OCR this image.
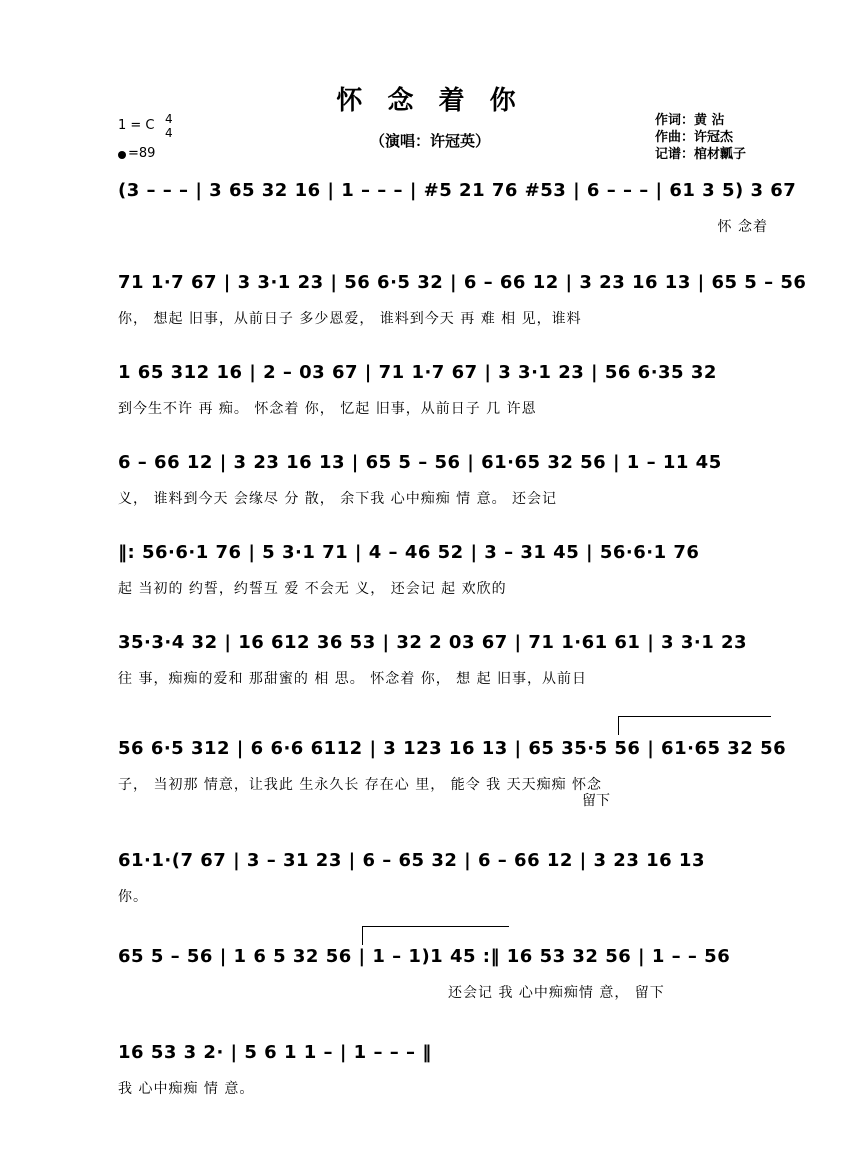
怀 念 着 你
（演唱：许冠英）
1 = C 4
4
=89
作词：黄 沾
作曲：许冠杰
记谱：棺材瓤子
(3 – – – | 3 65 32 16 | 1 – – – | #5 21 76 #53 | 6 – – – | 61 3 5) 3 67
怀 念着
71 1·7 67 | 3 3·1 23 | 56 6·5 32 | 6 – 66 12 | 3 23 16 13 | 65 5 – 56
你， 想起 旧事，从前日子 多少恩爱， 谁料到今天 再 难 相 见，谁料
1 65 312 16 | 2 – 03 67 | 71 1·7 67 | 3 3·1 23 | 56 6·35 32
到今生不许 再 痴。 怀念着 你， 忆起 旧事，从前日子 几 许恩
6 – 66 12 | 3 23 16 13 | 65 5 – 56 | 61·65 32 56 | 1 – 11 45
义， 谁料到今天 会缘尽 分 散， 余下我 心中痴痴 情 意。 还会记
‖: 56·6·1 76 | 5 3·1 71 | 4 – 46 52 | 3 – 31 45 | 56·6·1 76
起 当初的 约誓，约誓互 爱 不会无 义， 还会记 起 欢欣的
35·3·4 32 | 16 612 36 53 | 32 2 03 67 | 71 1·61 61 | 3 3·1 23
往 事，痴痴的爱和 那甜蜜的 相 思。 怀念着 你， 想 起 旧事，从前日
56 6·5 312 | 6 6·6 6112 | 3 123 16 13 | 65 35·5 56 | 61·65 32 56
子， 当初那 情意，让我此 生永久长 存在心 里， 能令 我 天天痴痴 怀念
留下
61·1·(7 67 | 3 – 31 23 | 6 – 65 32 | 6 – 66 12 | 3 23 16 13
你。
65 5 – 56 | 1 6 5 32 56 | 1 – 1)1 45 :‖ 16 53 32 56 | 1 – – 56
还会记 我 心中痴痴情 意， 留下
16 53 3 2· | 5 6 1 1 – | 1 – – – ‖
我 心中痴痴 情 意。
